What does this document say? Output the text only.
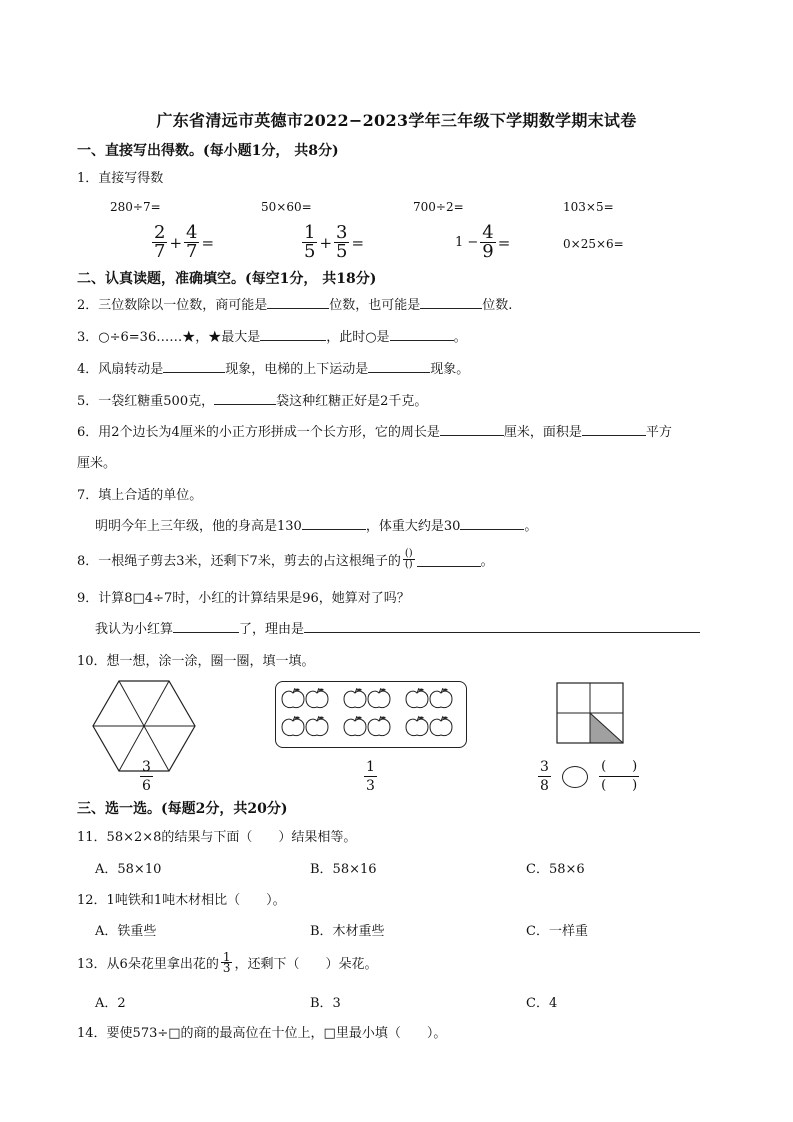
广东省清远市英德市2022−2023学年三年级下学期数学期末试卷
一、直接写出得数。(每小题1分， 共8分)
1．直接写得数
280÷7=	50×60=	700÷2=	103×5=
$\frac{2}{7} + \frac{4}{7}$ =	$\frac{1}{5} + \frac{3}{5}$ =	$1 - \frac{4}{9}$ =	0×25×6=
二、认真读题，准确填空。(每空1分， 共18分)
2．三位数除以一位数，商可能是	位数，也可能是	位数.
3．○÷6=36……★，★最大是	，此时○是	。
4．风扇转动是	现象，电梯的上下运动是	现象。
5．一袋红糖重500克，	袋这种红糖正好是2千克。
6．用2个边长为4厘米的小正方形拼成一个长方形，它的周长是	厘米，面积是	平方
厘米。
7．填上合适的单位。
明明今年上三年级，他的身高是130	，体重大约是30	。
8．一根绳子剪去3米，还剩下7米，剪去的占这根绳子的 $\frac{()}{()}$	。
9．计算8□4÷7时，小红的计算结果是96，她算对了吗？
我认为小红算	了，理由是
10．想一想，涂一涂，圈一圈，填一填。
$\frac{3}{6}$	$\frac{1}{3}$	$\frac{3}{8}$
	$\frac{( )}{( )}$
三、选一选。(每题2分，共20分)
11．58×2×8的结果与下面（　　）结果相等。
A．58×10	B．58×16	C．58×6
12．1吨铁和1吨木材相比（　　）。
A．铁重些	B．木材重些	C．一样重
13．从6朵花里拿出花的 $\frac{1}{3}$ ，还剩下（　　）朵花。
A．2	B．3	C．4
14．要使573÷□的商的最高位在十位上，□里最小填（　　）。
